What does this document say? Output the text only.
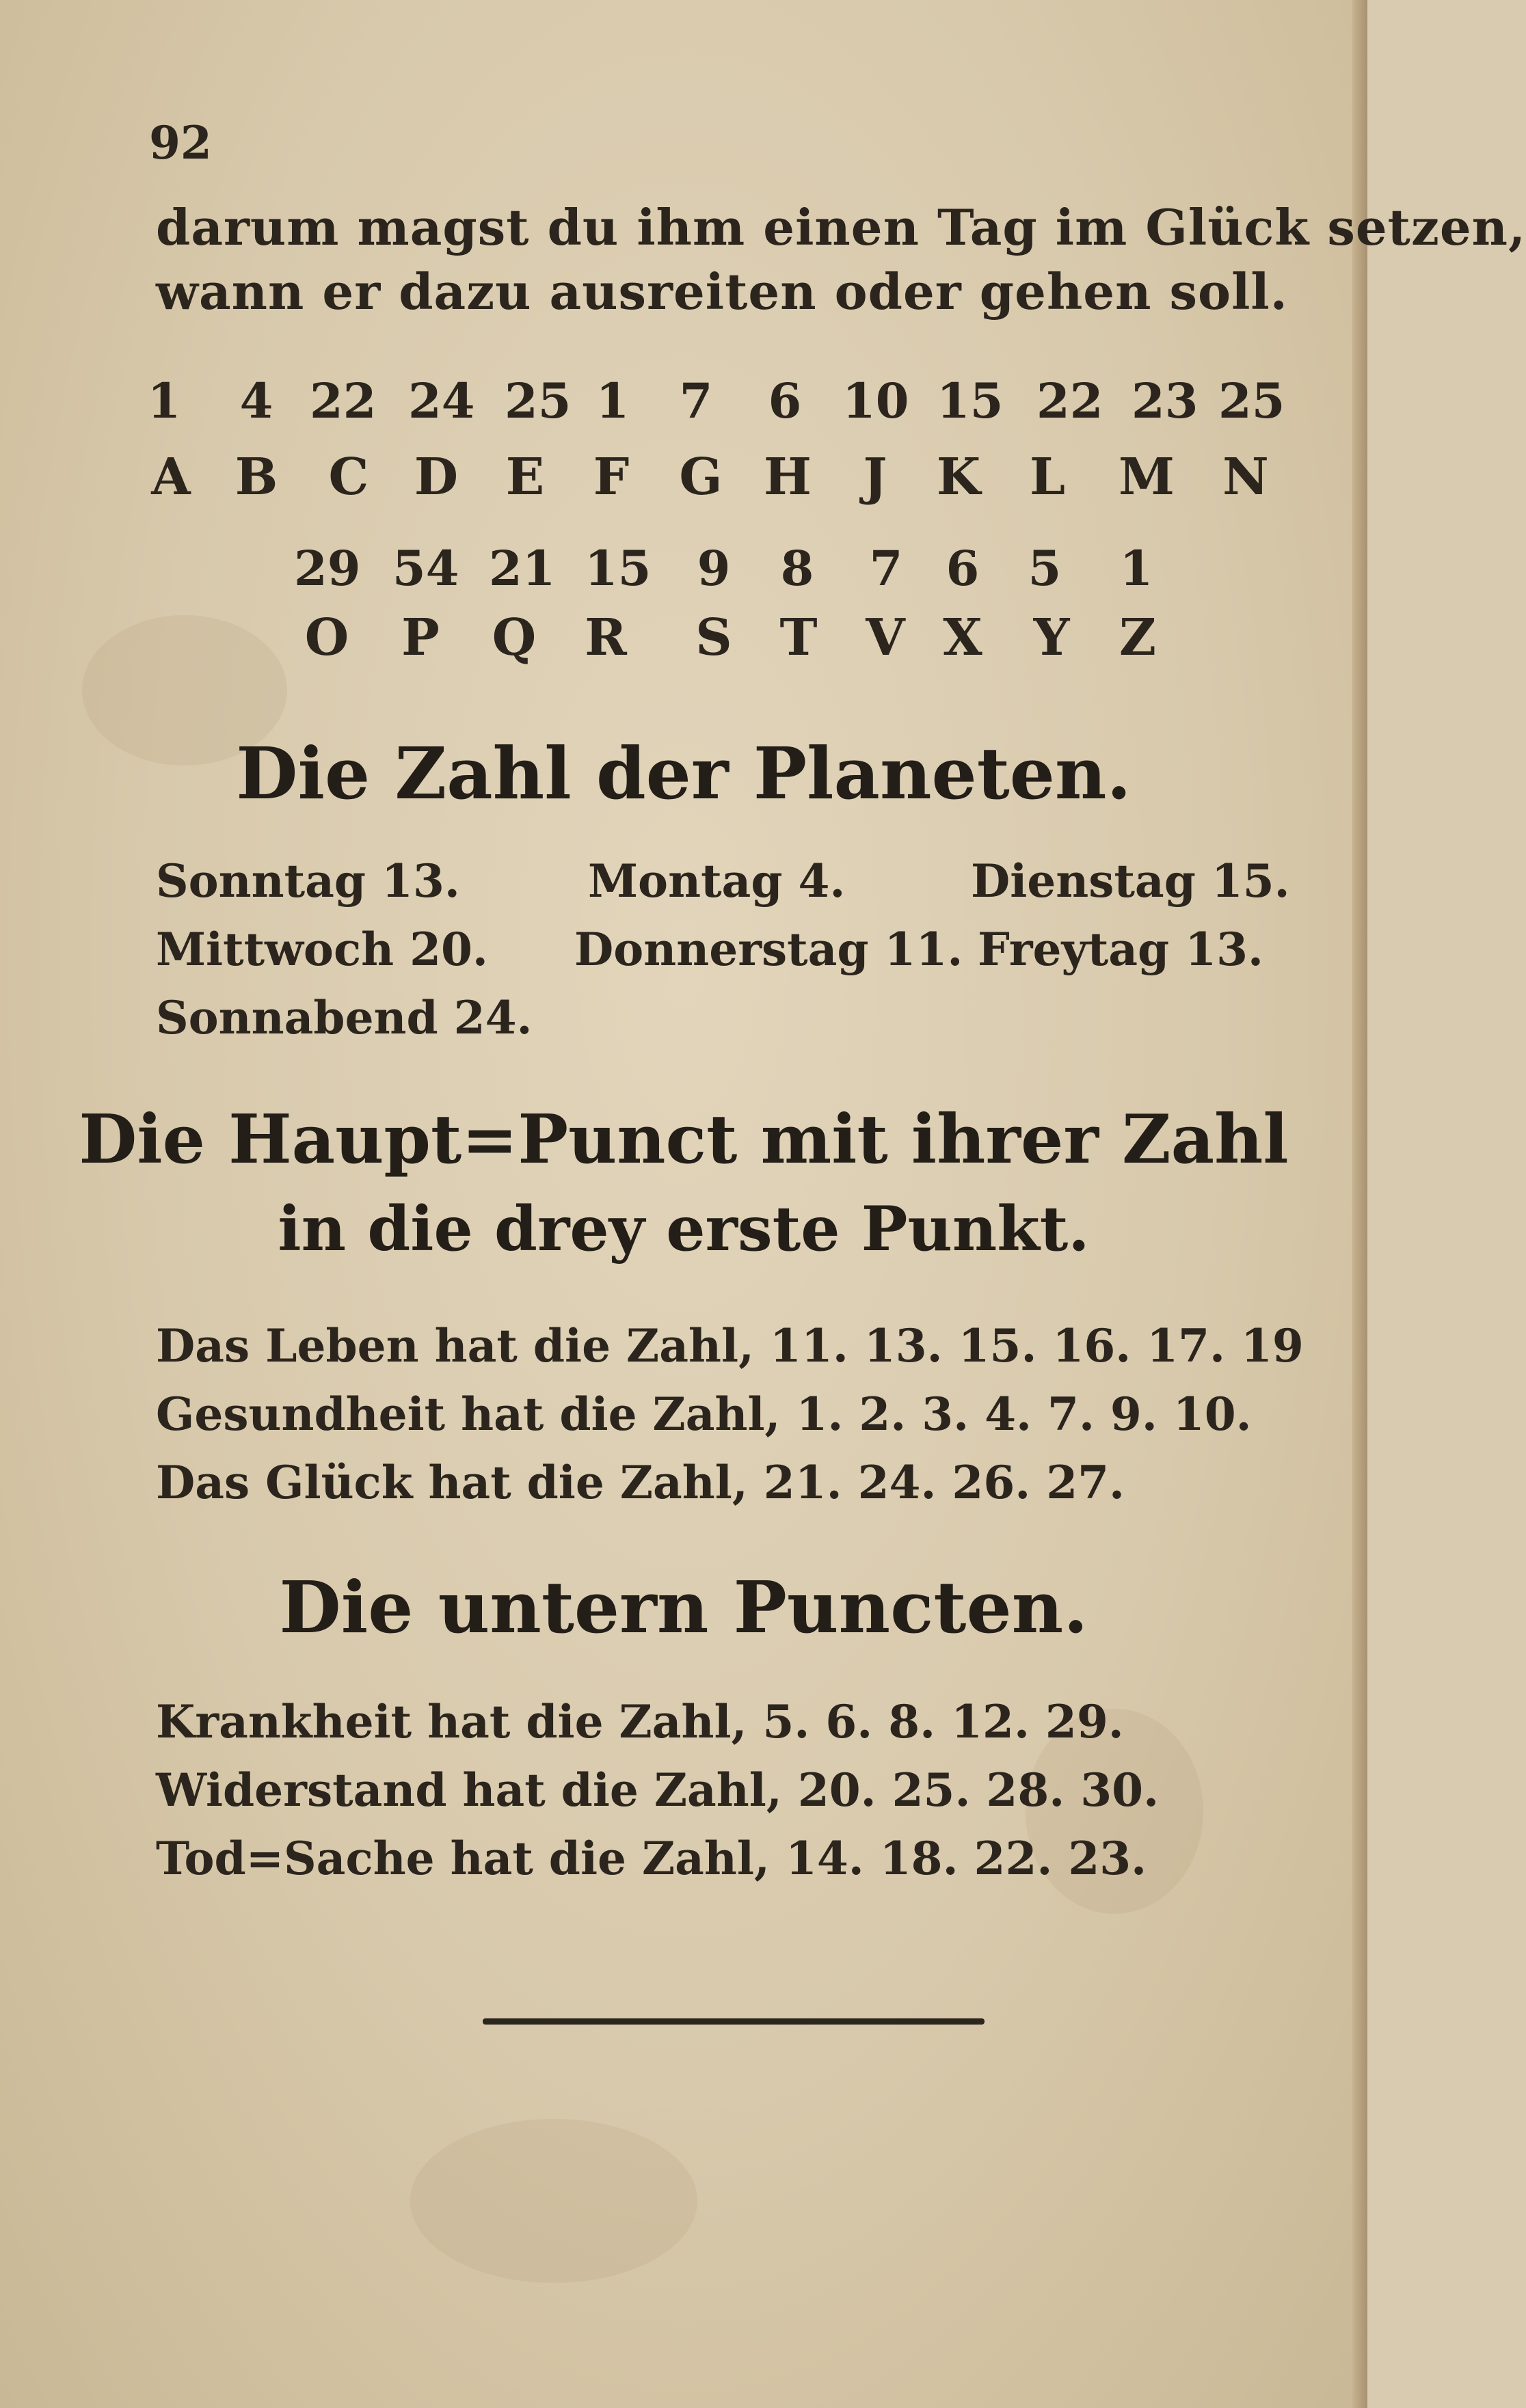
92
darum magst du ihm einen Tag im Glück setzen,
wann er dazu ausreiten oder gehen soll.
1 4 22 24 25 1 7 6 10 15 22 23 25
A B C D E F G H	J K L M N
29 54 21 15 9 8 7 6 5 1
O P Q R S T V X Y Z
Die Zahl der Planeten.
Sonntag 13.	Montag 4.	Dienstag 15.
Mittwoch 20. Donnerstag 11. Freytag 13.
Sonnabend 24.
Die Haupt=Punct mit ihrer Zahl
in die drey erste Punkt.
Das Leben hat die Zahl, 11. 13. 15. 16. 17. 19
Gesundheit hat die Zahl, 1. 2. 3. 4. 7. 9. 10.
Das Glück hat die Zahl, 21. 24. 26. 27.
Die untern Puncten.
Krankheit hat die Zahl, 5. 6. 8. 12. 29.
Widerstand hat die Zahl, 20. 25. 28. 30.
Tod=Sache hat die Zahl, 14. 18. 22. 23.
